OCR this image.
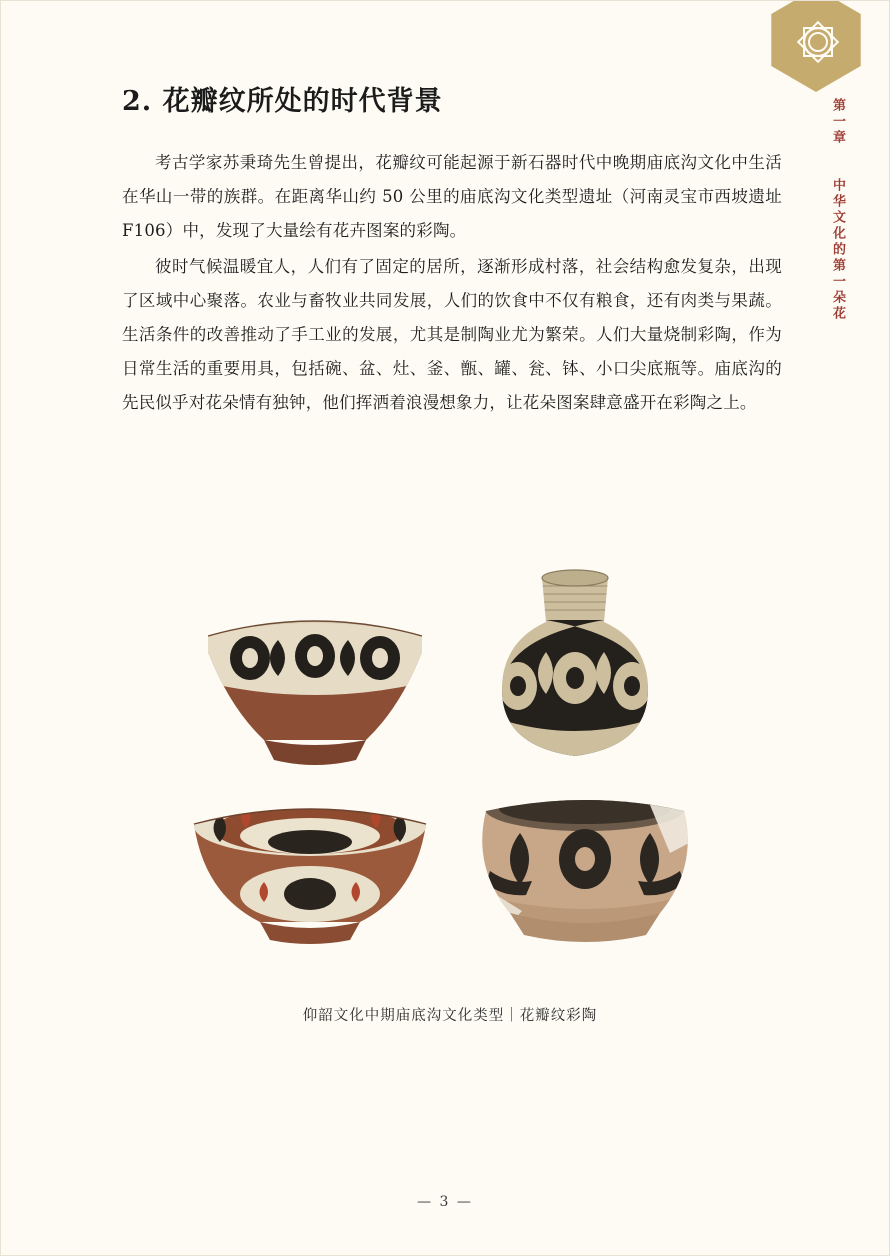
第一章 中华文化的第一朵花
2. 花瓣纹所处的时代背景

考古学家苏秉琦先生曾提出，花瓣纹可能起源于新石器时代中晚期庙底沟文化中生活在华山一带的族群。在距离华山约 50 公里的庙底沟文化类型遗址（河南灵宝市西坡遗址 F106）中，发现了大量绘有花卉图案的彩陶。

彼时气候温暖宜人，人们有了固定的居所，逐渐形成村落，社会结构愈发复杂，出现了区域中心聚落。农业与畜牧业共同发展，人们的饮食中不仅有粮食，还有肉类与果蔬。生活条件的改善推动了手工业的发展，尤其是制陶业尤为繁荣。人们大量烧制彩陶，作为日常生活的重要用具，包括碗、盆、灶、釜、甑、罐、瓮、钵、小口尖底瓶等。庙底沟的先民似乎对花朵情有独钟，他们挥洒着浪漫想象力，让花朵图案肆意盛开在彩陶之上。

仰韶文化中期庙底沟文化类型｜花瓣纹彩陶
— 3 —
